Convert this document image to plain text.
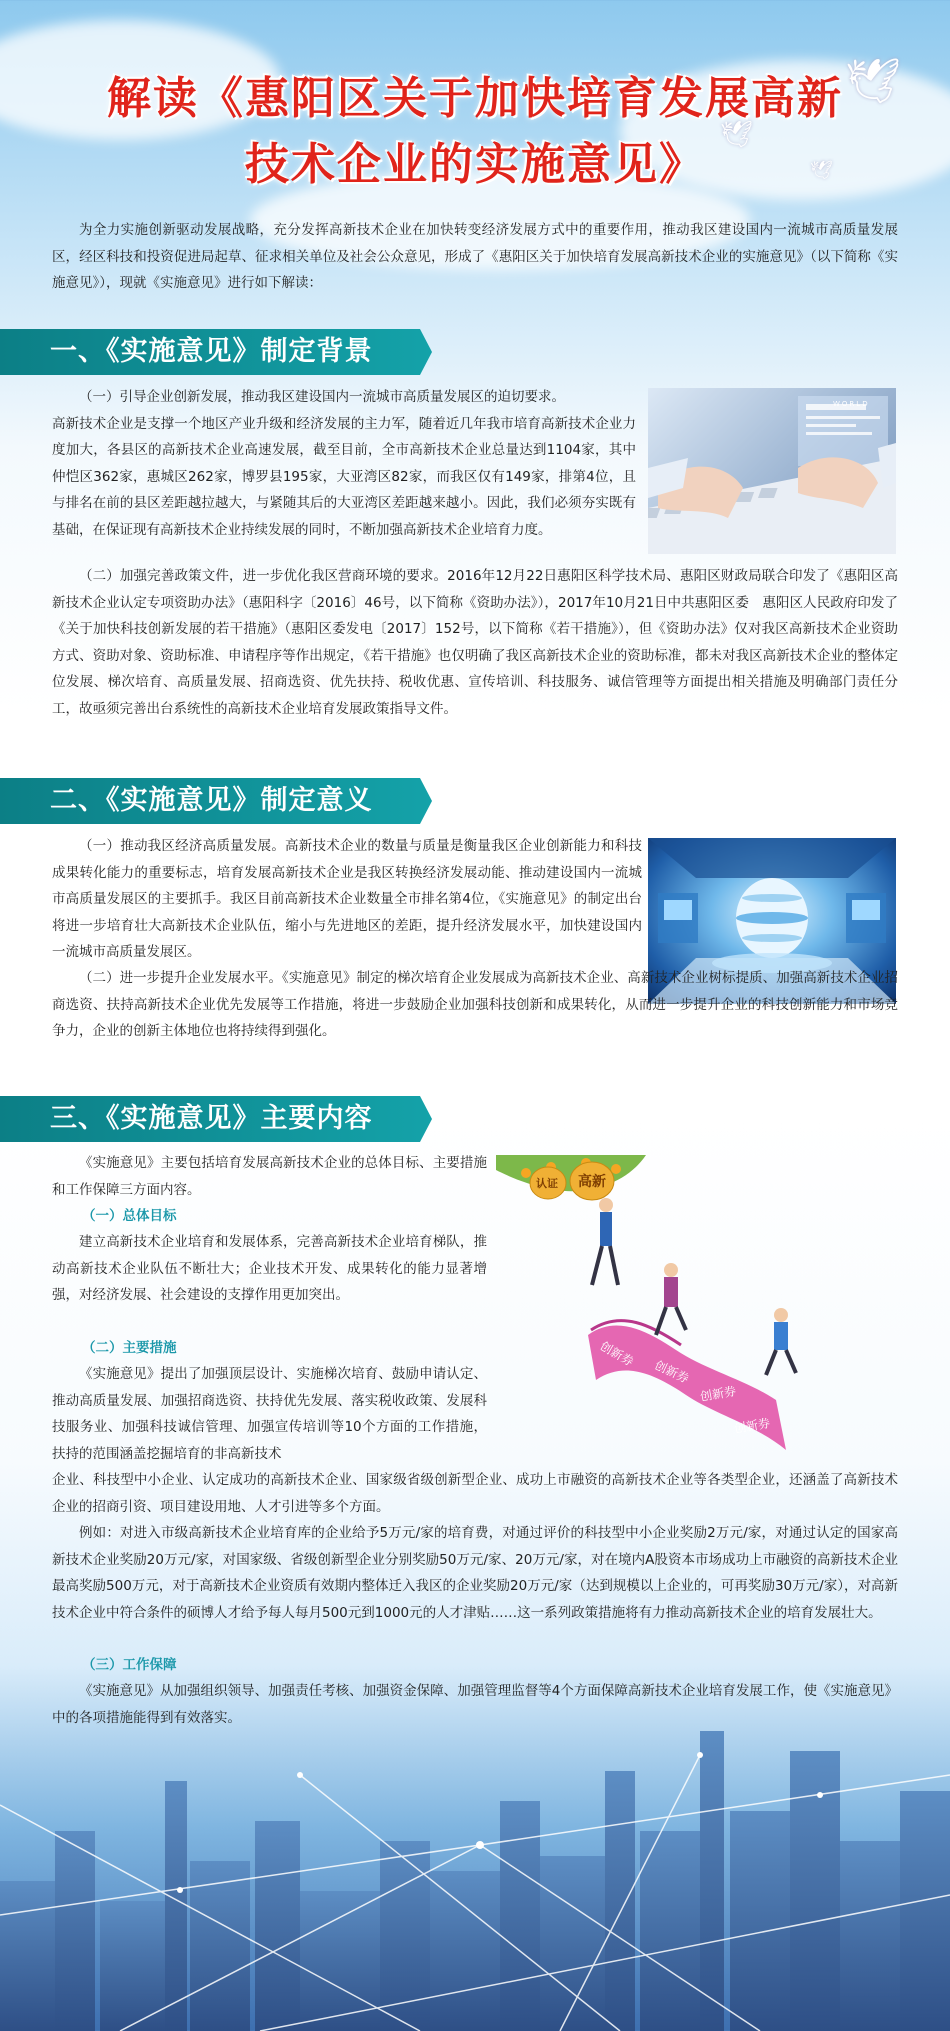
🕊
🕊
🕊
解读《惠阳区关于加快培育发展高新
技术企业的实施意见》
为全力实施创新驱动发展战略，充分发挥高新技术企业在加快转变经济发展方式中的重要作用，推动我区建设国内一流城市高质量发展区，经区科技和投资促进局起草、征求相关单位及社会公众意见，形成了《惠阳区关于加快培育发展高新技术企业的实施意见》（以下简称《实施意见》），现就《实施意见》进行如下解读：
一、《实施意见》制定背景
（一）引导企业创新发展，推动我区建设国内一流城市高质量发展区的迫切要求。
高新技术企业是支撑一个地区产业升级和经济发展的主力军，随着近几年我市培育高新技术企业力度加大，各县区的高新技术企业高速发展，截至目前，全市高新技术企业总量达到1104家，其中仲恺区362家，惠城区262家，博罗县195家，大亚湾区82家，而我区仅有149家，排第4位，且与排名在前的县区差距越拉越大，与紧随其后的大亚湾区差距越来越小。因此，我们必须夯实既有基础，在保证现有高新技术企业持续发展的同时，不断加强高新技术企业培育力度。
WORLD
（二）加强完善政策文件，进一步优化我区营商环境的要求。2016年12月22日惠阳区科学技术局、惠阳区财政局联合印发了《惠阳区高新技术企业认定专项资助办法》（惠阳科字〔2016〕46号，以下简称《资助办法》），2017年10月21日中共惠阳区委　惠阳区人民政府印发了《关于加快科技创新发展的若干措施》（惠阳区委发电〔2017〕152号，以下简称《若干措施》），但《资助办法》仅对我区高新技术企业资助方式、资助对象、资助标准、申请程序等作出规定，《若干措施》也仅明确了我区高新技术企业的资助标准，都未对我区高新技术企业的整体定位发展、梯次培育、高质量发展、招商选资、优先扶持、税收优惠、宣传培训、科技服务、诚信管理等方面提出相关措施及明确部门责任分工，故亟须完善出台系统性的高新技术企业培育发展政策指导文件。
二、《实施意见》制定意义
（一）推动我区经济高质量发展。高新技术企业的数量与质量是衡量我区企业创新能力和科技成果转化能力的重要标志，培育发展高新技术企业是我区转换经济发展动能、推动建设国内一流城市高质量发展区的主要抓手。我区目前高新技术企业数量全市排名第4位，《实施意见》的制定出台将进一步培育壮大高新技术企业队伍，缩小与先进地区的差距，提升经济发展水平，加快建设国内一流城市高质量发展区。
（二）进一步提升企业发展水平。《实施意见》制定的梯次培育企业发展成为高新技术企业、高新技术企业树标提质、加强高新技术企业招商选资、扶持高新技术企业优先发展等工作措施，将进一步鼓励企业加强科技创新和成果转化，从而进一步提升企业的科技创新能力和市场竞争力，企业的创新主体地位也将持续得到强化。
三、《实施意见》主要内容
《实施意见》主要包括培育发展高新技术企业的总体目标、主要措施和工作保障三方面内容。
（一）总体目标
建立高新技术企业培育和发展体系，完善高新技术企业培育梯队，推动高新技术企业队伍不断壮大；企业技术开发、成果转化的能力显著增强，对经济发展、社会建设的支撑作用更加突出。
（二）主要措施
《实施意见》提出了加强顶层设计、实施梯次培育、鼓励申请认定、推动高质量发展、加强招商选资、扶持优先发展、落实税收政策、发展科技服务业、加强科技诚信管理、加强宣传培训等10个方面的工作措施，扶持的范围涵盖挖掘培育的非高新技术
企业、科技型中小企业、认定成功的高新技术企业、国家级省级创新型企业、成功上市融资的高新技术企业等各类型企业，还涵盖了高新技术企业的招商引资、项目建设用地、人才引进等多个方面。
例如：对进入市级高新技术企业培育库的企业给予5万元/家的培育费，对通过评价的科技型中小企业奖励2万元/家，对通过认定的国家高新技术企业奖励20万元/家，对国家级、省级创新型企业分别奖励50万元/家、20万元/家，对在境内A股资本市场成功上市融资的高新技术企业最高奖励500万元，对于高新技术企业资质有效期内整体迁入我区的企业奖励20万元/家（达到规模以上企业的，可再奖励30万元/家），对高新技术企业中符合条件的硕博人才给予每人每月500元到1000元的人才津贴……这一系列政策措施将有力推动高新技术企业的培育发展壮大。
（三）工作保障
《实施意见》从加强组织领导、加强责任考核、加强资金保障、加强管理监督等4个方面保障高新技术企业培育发展工作，使《实施意见》中的各项措施能得到有效落实。
认证 高新
创新券
创新券
创新券
创新券
